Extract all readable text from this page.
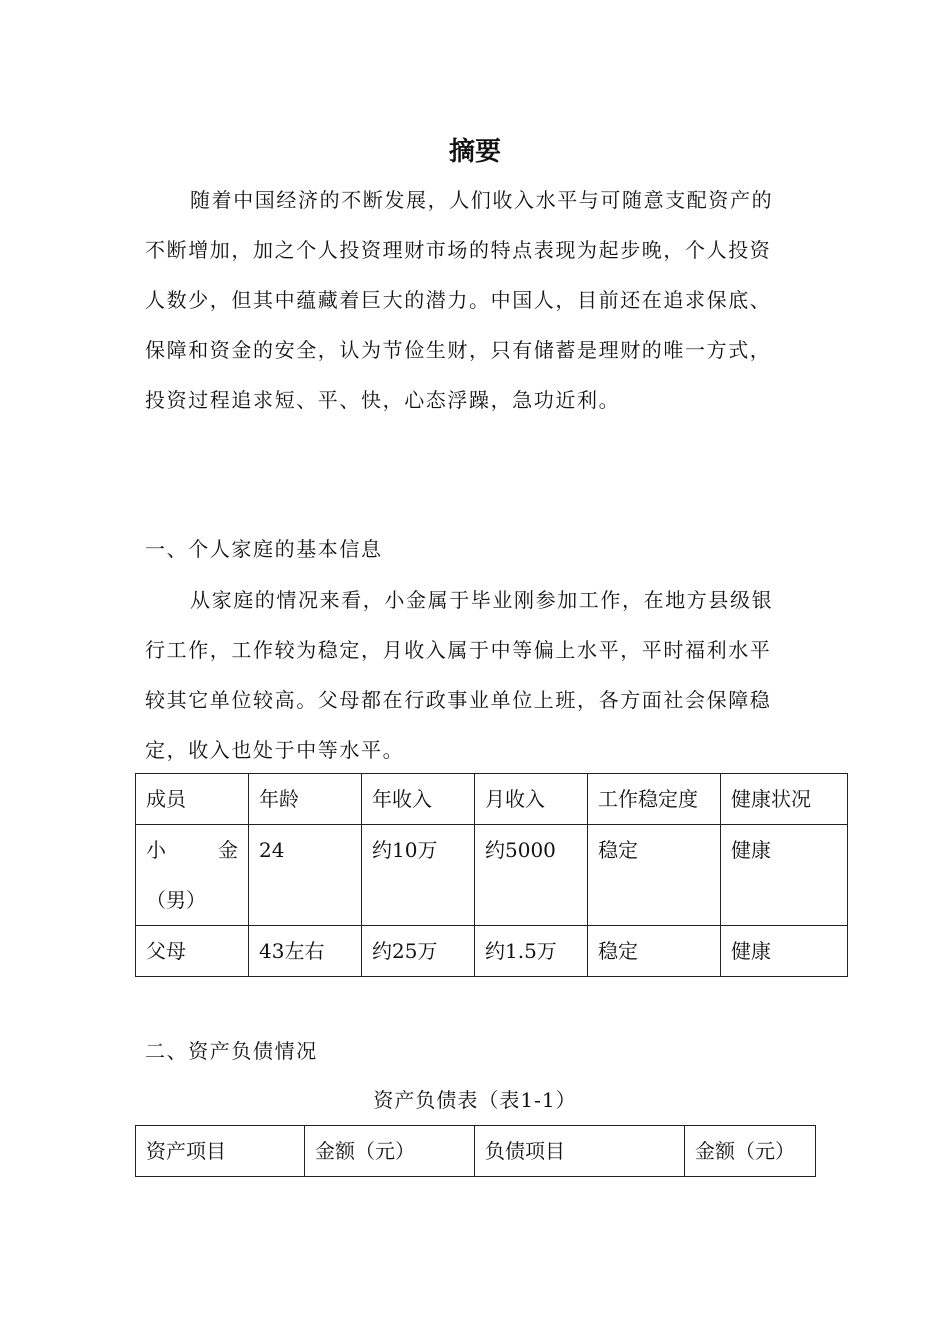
摘要
随着中国经济的不断发展，人们收入水平与可随意支配资产的
不断增加，加之个人投资理财市场的特点表现为起步晚，个人投资
人数少，但其中蕴藏着巨大的潜力。中国人，目前还在追求保底、
保障和资金的安全，认为节俭生财，只有储蓄是理财的唯一方式，
投资过程追求短、平、快，心态浮躁，急功近利。
一、个人家庭的基本信息
从家庭的情况来看，小金属于毕业刚参加工作，在地方县级银
行工作，工作较为稳定，月收入属于中等偏上水平，平时福利水平
较其它单位较高。父母都在行政事业单位上班，各方面社会保障稳
定，收入也处于中等水平。
成员	年龄	年收入	月收入	工作稳定度	健康状况

小 金
（男）	24	约10万	约5000	稳定	健康
父母	43左右	约25万	约1.5万	稳定	健康
二、资产负债情况
资产负债表（表1-1）
资产项目	金额（元）	负债项目	金额（元）
